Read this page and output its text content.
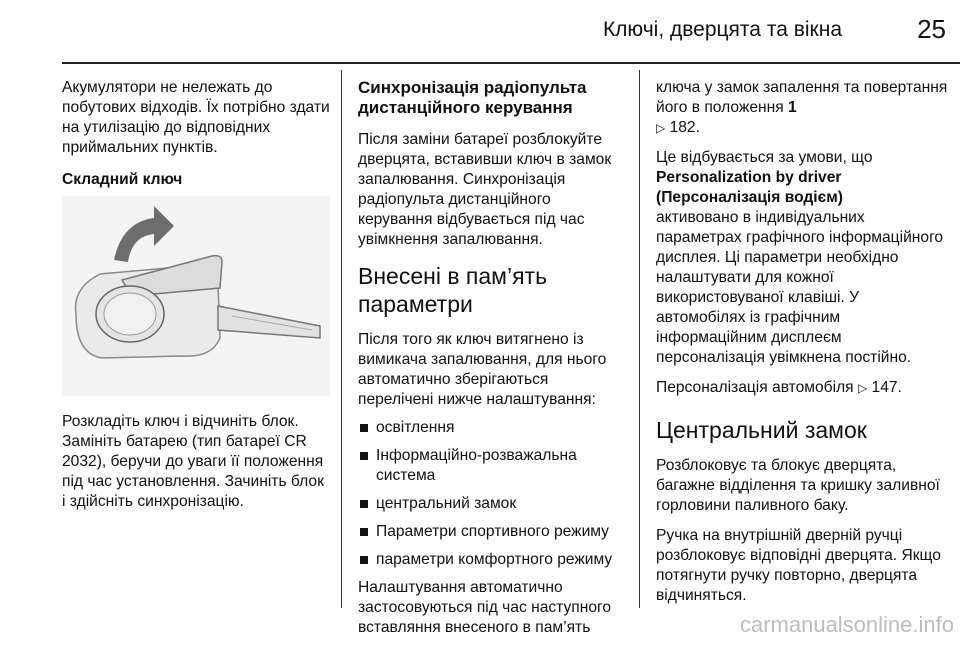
Ключі, дверцята та вікна	25

Акумулятори не нележать до побутових відходів. Їх потрібно здати на утилізацію до відповідних приймальних пунктів.

Складний ключ

Розкладіть ключ і відчиніть блок. Замініть батарею (тип батареї CR 2032), беручи до уваги її положення під час установлення. Зачиніть блок і здійсніть синхронізацію.

Синхронізація радіопульта дистанційного керування

Після заміни батареї розблокуйте дверцята, вставивши ключ в замок запалювання. Синхронізація радіопульта дистанційного керування відбувається під час увімкнення запалювання.

Внесені в пам’ять параметри

Після того як ключ витягнено із вимикача запалювання, для нього автоматично зберігаються перелічені нижче налаштування:

освітлення
Інформаційно-розважальна система
центральний замок
Параметри спортивного режиму
параметри комфортного режиму

Налаштування автоматично застосовуються під час наступного вставляння внесеного в пам’ять

ключа у замок запалення та повертання його в положення 1
▷ 182.

Це відбувається за умови, що
Personalization by driver
(Персоналізація водієм)
активовано в індивідуальних параметрах графічного інформаційного дисплея. Ці параметри необхідно налаштувати для кожної використовуваної клавіші. У автомобілях із графічним інформаційним дисплеєм персоналізація увімкнена постійно.

Персоналізація автомобіля ▷ 147.

Центральний замок

Розблоковує та блокує дверцята, багажне відділення та кришку заливної горловини паливного баку.

Ручка на внутрішній дверній ручці розблоковує відповідні дверцята. Якщо потягнути ручку повторно, дверцята відчиняться.

carmanualsonline.info
